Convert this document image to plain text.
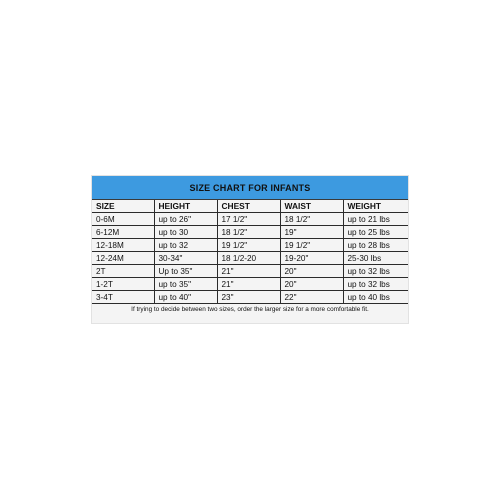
SIZE CHART FOR INFANTS
SIZE	HEIGHT	CHEST	WAIST	WEIGHT
0-6M	up to 26"	17 1/2"	18 1/2"	up to 21 lbs
6-12M	up to 30	18 1/2"	19"	up to 25 lbs
12-18M	up to 32	19 1/2"	19 1/2"	up to 28 lbs
12-24M	30-34"	18 1/2-20	19-20"	25-30 lbs
2T	Up to 35"	21"	20"	up to 32 lbs
1-2T	up to 35"	21"	20"	up to 32 lbs
3-4T	up to 40"	23"	22"	up to 40 lbs
If trying to decide between two sizes, order the larger size for a more comfortable fit.
